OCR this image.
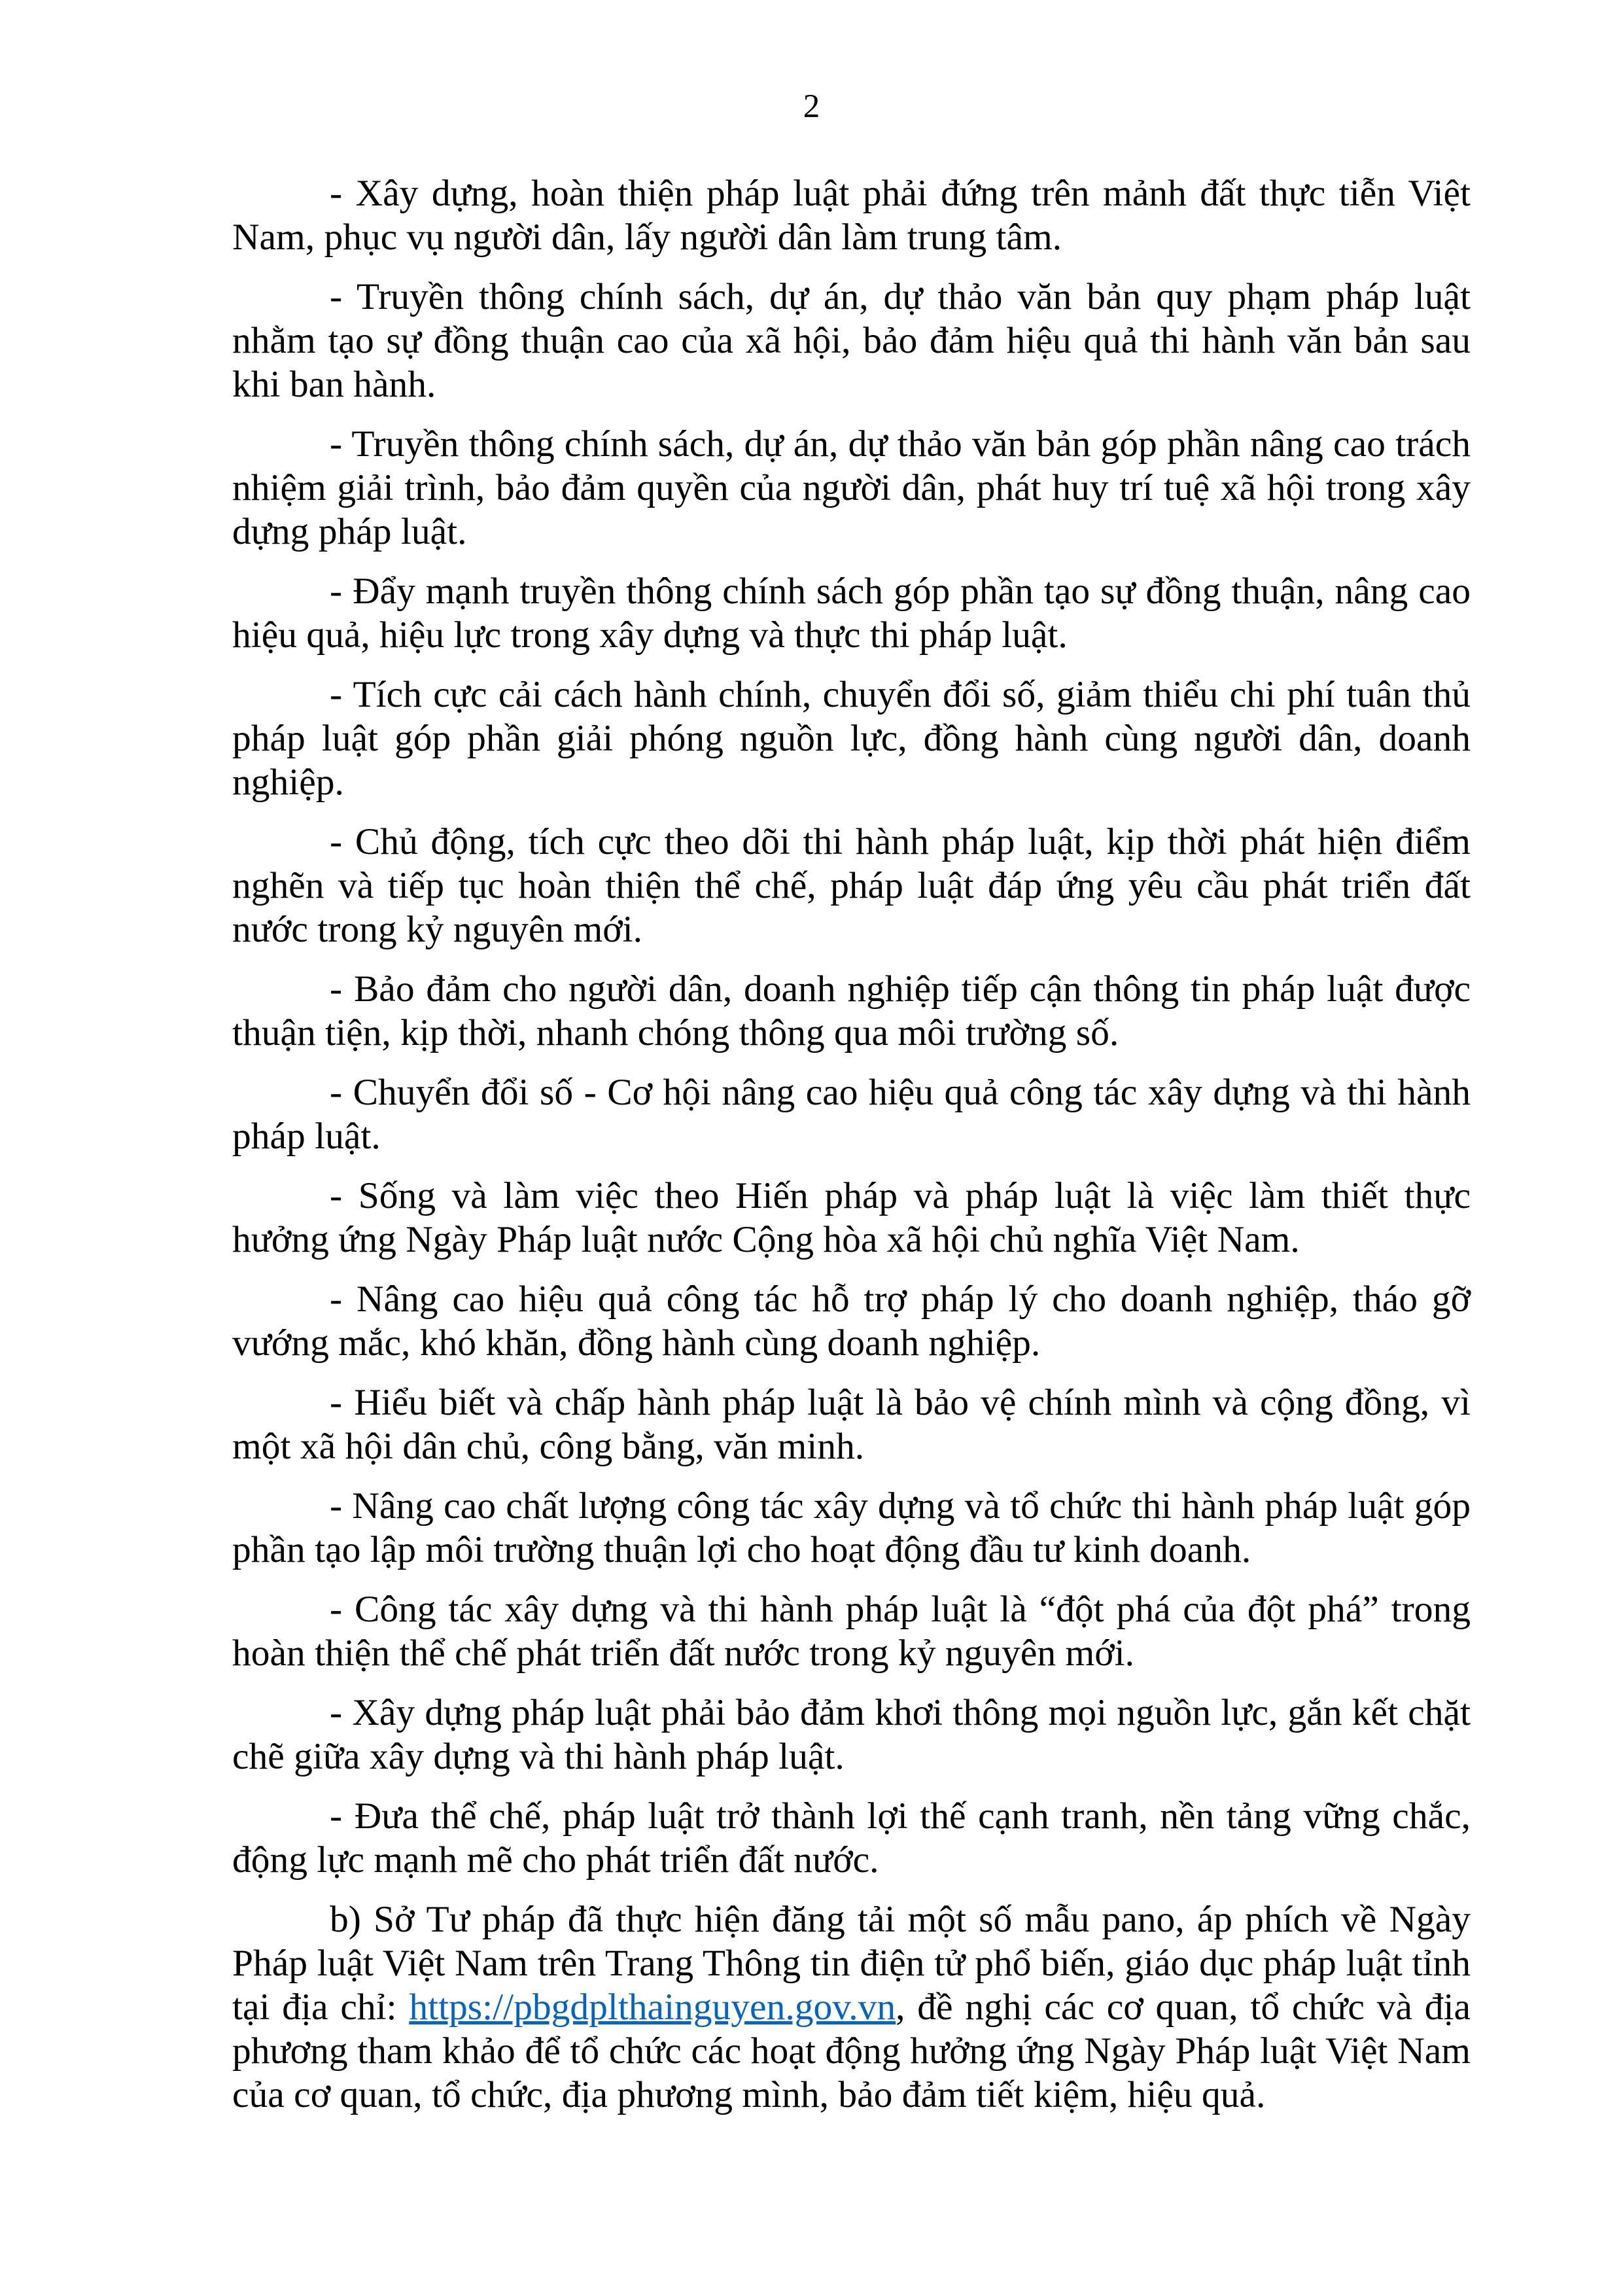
2

- Xây dựng, hoàn thiện pháp luật phải đứng trên mảnh đất thực tiễn Việt Nam, phục vụ người dân, lấy người dân làm trung tâm.

- Truyền thông chính sách, dự án, dự thảo văn bản quy phạm pháp luật nhằm tạo sự đồng thuận cao của xã hội, bảo đảm hiệu quả thi hành văn bản sau khi ban hành.

- Truyền thông chính sách, dự án, dự thảo văn bản góp phần nâng cao trách nhiệm giải trình, bảo đảm quyền của người dân, phát huy trí tuệ xã hội trong xây dựng pháp luật.

- Đẩy mạnh truyền thông chính sách góp phần tạo sự đồng thuận, nâng cao hiệu quả, hiệu lực trong xây dựng và thực thi pháp luật.

- Tích cực cải cách hành chính, chuyển đổi số, giảm thiểu chi phí tuân thủ pháp luật góp phần giải phóng nguồn lực, đồng hành cùng người dân, doanh nghiệp.

- Chủ động, tích cực theo dõi thi hành pháp luật, kịp thời phát hiện điểm nghẽn và tiếp tục hoàn thiện thể chế, pháp luật đáp ứng yêu cầu phát triển đất nước trong kỷ nguyên mới.

- Bảo đảm cho người dân, doanh nghiệp tiếp cận thông tin pháp luật được thuận tiện, kịp thời, nhanh chóng thông qua môi trường số.

- Chuyển đổi số - Cơ hội nâng cao hiệu quả công tác xây dựng và thi hành pháp luật.

- Sống và làm việc theo Hiến pháp và pháp luật là việc làm thiết thực hưởng ứng Ngày Pháp luật nước Cộng hòa xã hội chủ nghĩa Việt Nam.

- Nâng cao hiệu quả công tác hỗ trợ pháp lý cho doanh nghiệp, tháo gỡ vướng mắc, khó khăn, đồng hành cùng doanh nghiệp.

- Hiểu biết và chấp hành pháp luật là bảo vệ chính mình và cộng đồng, vì một xã hội dân chủ, công bằng, văn minh.

- Nâng cao chất lượng công tác xây dựng và tổ chức thi hành pháp luật góp phần tạo lập môi trường thuận lợi cho hoạt động đầu tư kinh doanh.

- Công tác xây dựng và thi hành pháp luật là “đột phá của đột phá” trong hoàn thiện thể chế phát triển đất nước trong kỷ nguyên mới.

- Xây dựng pháp luật phải bảo đảm khơi thông mọi nguồn lực, gắn kết chặt chẽ giữa xây dựng và thi hành pháp luật.

- Đưa thể chế, pháp luật trở thành lợi thế cạnh tranh, nền tảng vững chắc, động lực mạnh mẽ cho phát triển đất nước.

b) Sở Tư pháp đã thực hiện đăng tải một số mẫu pano, áp phích về Ngày Pháp luật Việt Nam trên Trang Thông tin điện tử phổ biến, giáo dục pháp luật tỉnh tại địa chỉ: https://pbgdplthainguyen.gov.vn, đề nghị các cơ quan, tổ chức và địa phương tham khảo để tổ chức các hoạt động hưởng ứng Ngày Pháp luật Việt Nam của cơ quan, tổ chức, địa phương mình, bảo đảm tiết kiệm, hiệu quả.
